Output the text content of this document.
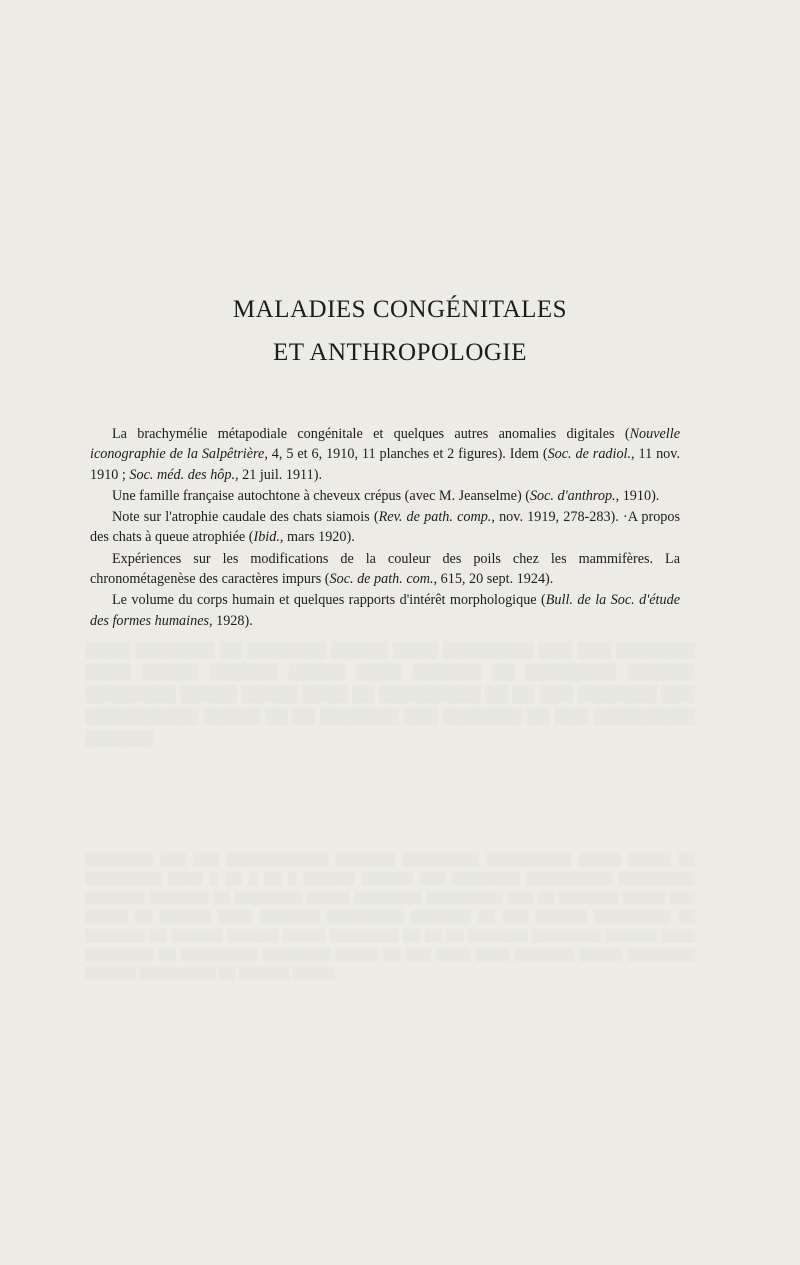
░░░░ ░░░░░░░ ░░ ░░░░░░░ ░░░░░ ░░░░ ░░░░░░░░ ░░░ ░░░ ░░░░░░░ ░░░░ ░░░░░ ░░░░░░ ░░░░░ ░░░░ ░░░░░░ ░░ ░░░░░░░░ ░░░░░░ ░░░░░░░░ ░░░░░ ░░░░░ ░░░░ ░░ ░░░░░░░░░ ░░ ░░ ░░░ ░░░░░░░ ░░░ ░░░░░░░░░░ ░░░░░ ░░ ░░ ░░░░░░░ ░░░ ░░░░░░░ ░░ ░░░ ░░░░░░░░░ ░░░░░░
░░░░░░░░ ░░░ ░░░ ░░░░░░░░░░░░ ░░░░░░░ ░░░░░░░░░ ░░░░░░░░░░ ░░░░░ ░░░░░ ░░ ░░░░░░░░░ ░░░░ ░ ░░ ░ ░░ ░ ░░░░░░ ░░░░░░ ░░░ ░░░░░░░░ ░░░░░░░░░░ ░░░░░░░░░ ░░░░░░░ ░░░░░░░ ░░ ░░░░░░░░ ░░░░░ ░░░░░░░░ ░░░░░░░░░ ░░░ ░░ ░░░░░░░ ░░░░░ ░░░ ░░░░░ ░░ ░░░░░░ ░░░░ ░░░░░░░ ░░░░░░░░░ ░░░░░░░ ░░ ░░░ ░░░░░░ ░░░░░░░░░ ░░ ░░░░░░░ ░░ ░░░░░░ ░░░░░░ ░░░░░ ░░░░░░░░ ░░ ░░ ░░ ░░░░░░░ ░░░░░░░░ ░░░░░░ ░░░░ ░░░░░░░░ ░░ ░░░░░░░░░ ░░░░░░░░ ░░░░░ ░░ ░░░ ░░░░ ░░░░ ░░░░░░░ ░░░░░ ░░░░░░░░ ░░░░░░ ░░░░░░░░░ ░░ ░░░░░░ ░░░░░
MALADIES CONGÉNITALES
ET ANTHROPOLOGIE

La brachymélie métapodiale congénitale et quelques autres anomalies digitales (Nouvelle iconographie de la Salpêtrière, 4, 5 et 6, 1910, 11 planches et 2 figures). Idem (Soc. de radiol., 11 nov. 1910 ; Soc. méd. des hôp., 21 juil. 1911).

Une famille française autochtone à cheveux crépus (avec M. Jeanselme) (Soc. d'anthrop., 1910).

Note sur l'atrophie caudale des chats siamois (Rev. de path. comp., nov. 1919, 278-283). ·A propos des chats à queue atrophiée (Ibid., mars 1920).

Expériences sur les modifications de la couleur des poils chez les mammifères. La chronométagenèse des caractères impurs (Soc. de path. com., 615, 20 sept. 1924).

Le volume du corps humain et quelques rapports d'intérêt morphologique (Bull. de la Soc. d'étude des formes humaines, 1928).
